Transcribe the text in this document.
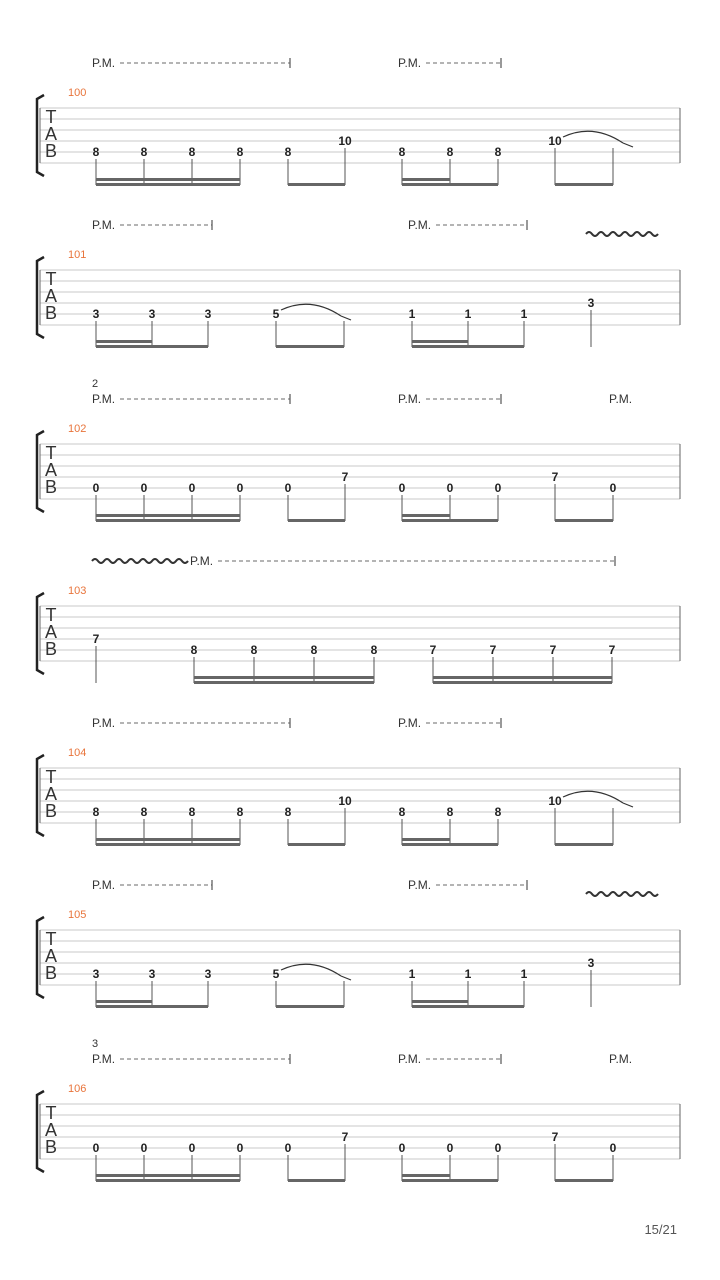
T
A
B
100
P.M.	P.M.
8	8	8	8	8
10
8	8	8
10
T
A
B
101
P.M.	P.M.
3	3	3	5	1	1	1
3
T
A
B
102
2
P.M.	P.M.	P.M.
0	0	0	0	0
7
0	0	0
7
0
T
A
B
103
P.M.
7
8	8	8	8	7	7	7	7
T
A
B
104
P.M.	P.M.
8	8	8	8	8
10
8	8	8
10
T
A
B
105
P.M.	P.M.
3	3	3	5	1	1	1
3
T
A
B
106
3
P.M.	P.M.	P.M.
0	0	0	0	0
7
0	0	0
7
0
15/21
